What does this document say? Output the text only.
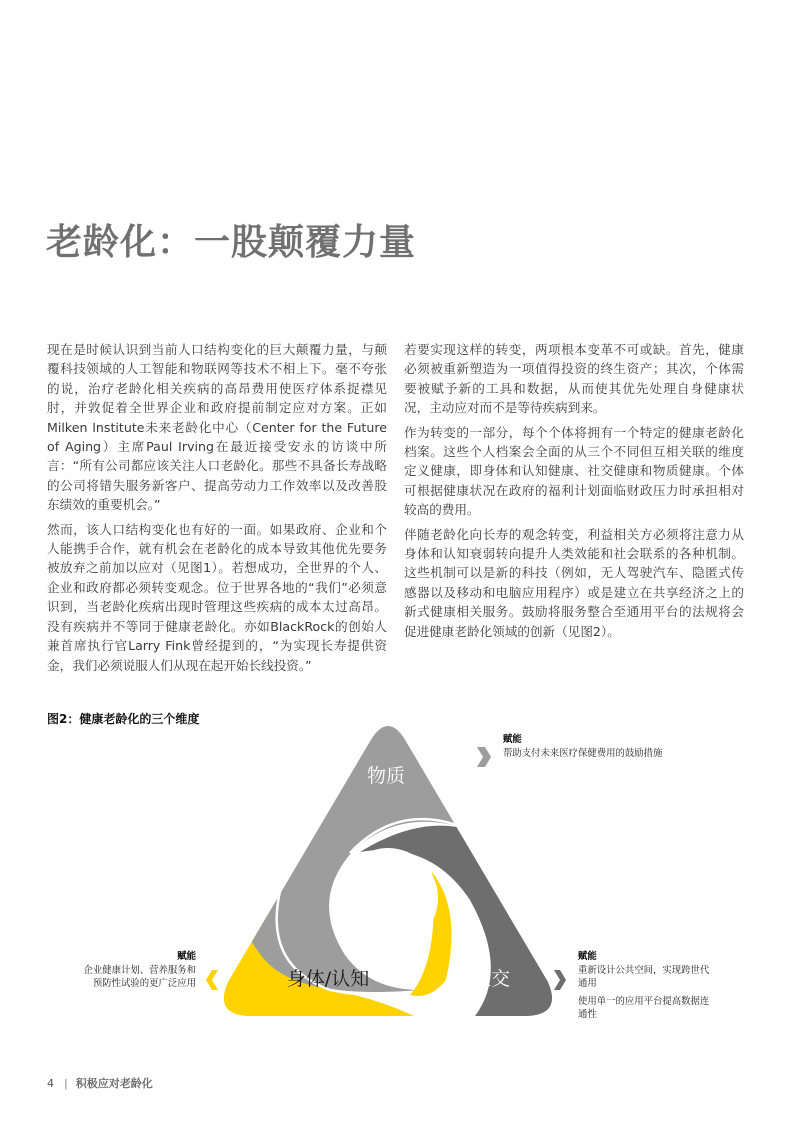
老龄化：一股颠覆力量

现在是时候认识到当前人口结构变化的巨大颠覆力量，与颠覆科技领域的人工智能和物联网等技术不相上下。毫不夸张的说，治疗老龄化相关疾病的高昂费用使医疗体系捉襟见肘，并敦促着全世界企业和政府提前制定应对方案。正如Milken Institute未来老龄化中心（Center for the Future of Aging）主席Paul Irving在最近接受安永的访谈中所言：“所有公司都应该关注人口老龄化。那些不具备长寿战略的公司将错失服务新客户、提高劳动力工作效率以及改善股东绩效的重要机会。”

然而，该人口结构变化也有好的一面。如果政府、企业和个人能携手合作，就有机会在老龄化的成本导致其他优先要务被放弃之前加以应对（见图1）。若想成功，全世界的个人、企业和政府都必须转变观念。位于世界各地的“我们”必须意识到，当老龄化疾病出现时管理这些疾病的成本太过高昂。没有疾病并不等同于健康老龄化。亦如BlackRock的创始人兼首席执行官Larry Fink曾经提到的，“为实现长寿提供资金，我们必须说服人们从现在起开始长线投资。”

若要实现这样的转变，两项根本变革不可或缺。首先，健康必须被重新塑造为一项值得投资的终生资产；其次，个体需要被赋予新的工具和数据，从而使其优先处理自身健康状况，主动应对而不是等待疾病到来。

作为转变的一部分，每个个体将拥有一个特定的健康老龄化档案。这些个人档案会全面的从三个不同但互相关联的维度定义健康，即身体和认知健康、社交健康和物质健康。个体可根据健康状况在政府的福利计划面临财政压力时承担相对较高的费用。

伴随老龄化向长寿的观念转变，利益相关方必须将注意力从身体和认知衰弱转向提升人类效能和社会联系的各种机制。这些机制可以是新的科技（例如，无人驾驶汽车、隐匿式传感器以及移动和电脑应用程序）或是建立在共享经济之上的新式健康相关服务。鼓励将服务整合至通用平台的法规将会促进健康老龄化领域的创新（见图2）。

图2：健康老龄化的三个维度

物质
社交
身体/认知
赋能
帮助支付未来医疗保健费用的鼓励措施
赋能
企业健康计划、营养服务和
预防性试验的更广泛应用
赋能
重新设计公共空间，实现跨世代通用
使用单一的应用平台提高数据连通性
4 | 积极应对老龄化
